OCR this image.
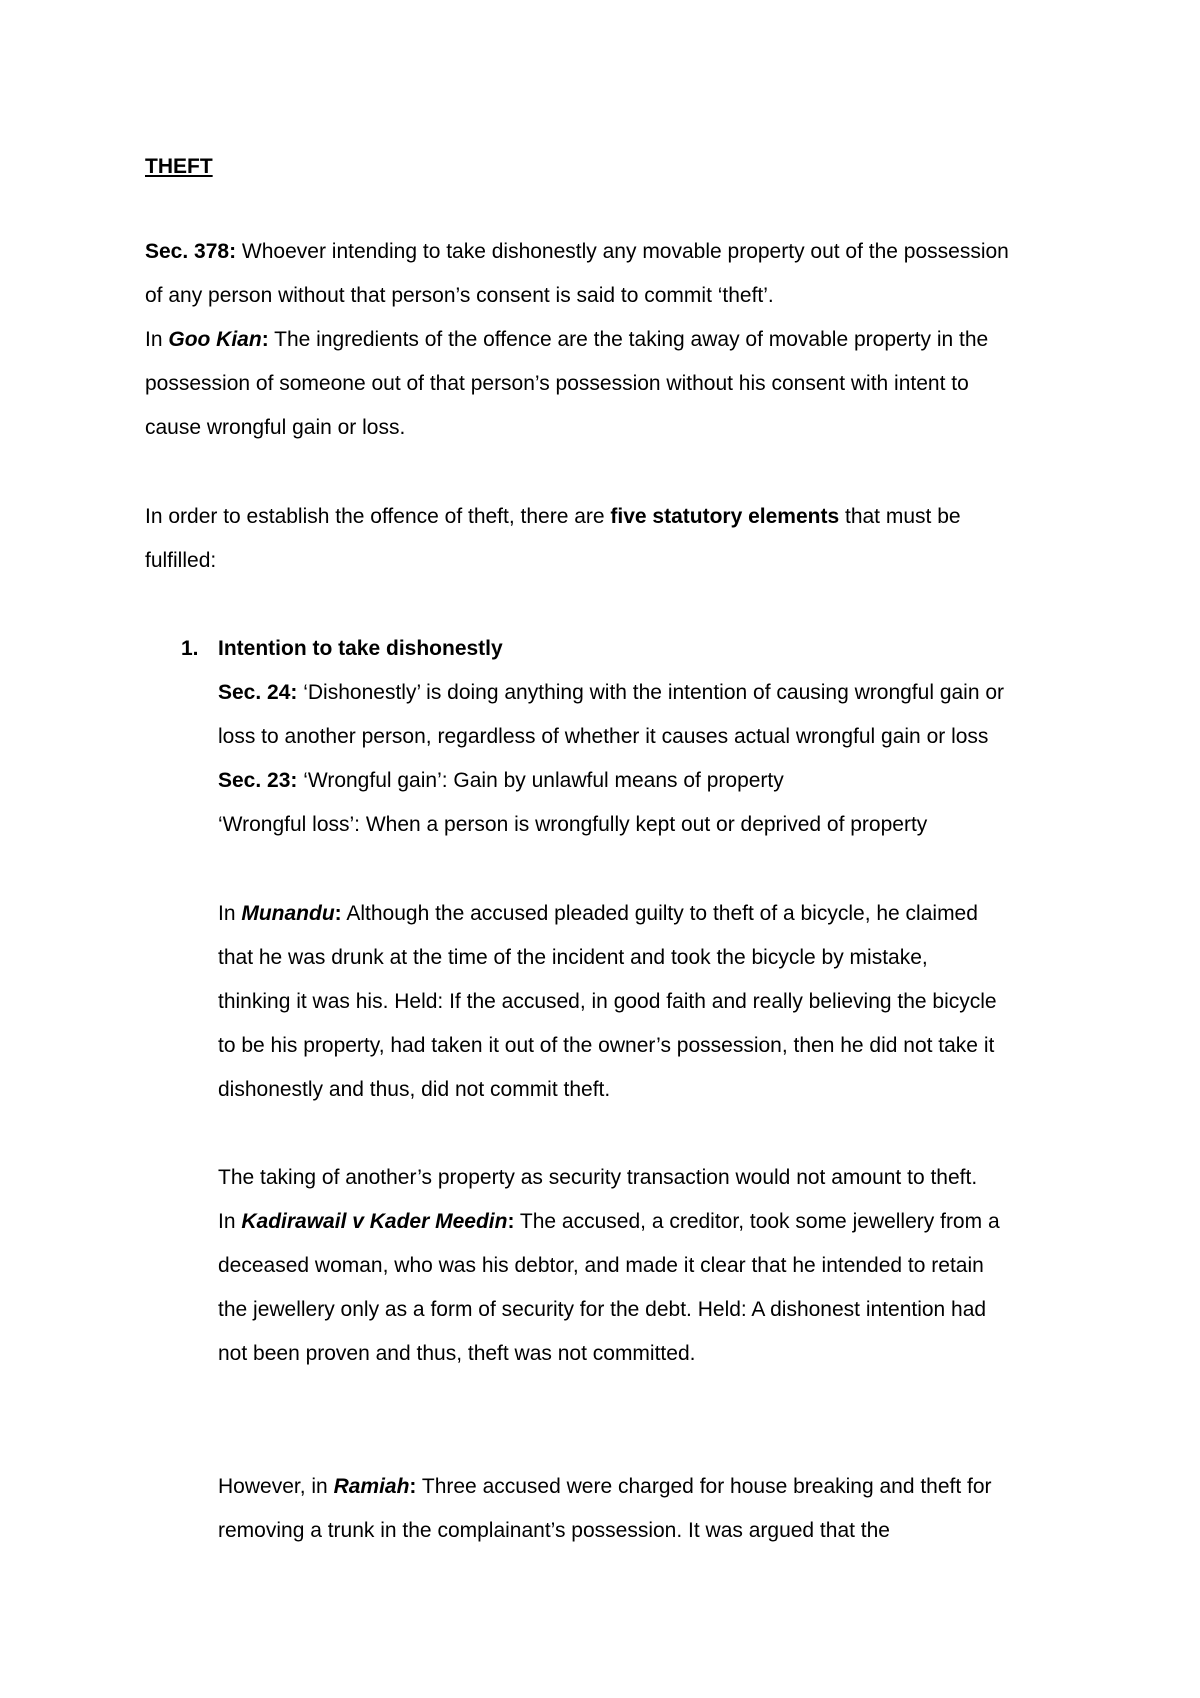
THEFT
Sec. 378: Whoever intending to take dishonestly any movable property out of the possession
of any person without that person’s consent is said to commit ‘theft’.
In Goo Kian: The ingredients of the offence are the taking away of movable property in the
possession of someone out of that person’s possession without his consent with intent to
cause wrongful gain or loss.
In order to establish the offence of theft, there are five statutory elements that must be
fulfilled:
1. Intention to take dishonestly
Sec. 24: ‘Dishonestly’ is doing anything with the intention of causing wrongful gain or
loss to another person, regardless of whether it causes actual wrongful gain or loss
Sec. 23: ‘Wrongful gain’: Gain by unlawful means of property
‘Wrongful loss’: When a person is wrongfully kept out or deprived of property
In Munandu: Although the accused pleaded guilty to theft of a bicycle, he claimed
that he was drunk at the time of the incident and took the bicycle by mistake,
thinking it was his. Held: If the accused, in good faith and really believing the bicycle
to be his property, had taken it out of the owner’s possession, then he did not take it
dishonestly and thus, did not commit theft.
The taking of another’s property as security transaction would not amount to theft.
In Kadirawail v Kader Meedin: The accused, a creditor, took some jewellery from a
deceased woman, who was his debtor, and made it clear that he intended to retain
the jewellery only as a form of security for the debt. Held: A dishonest intention had
not been proven and thus, theft was not committed.
However, in Ramiah: Three accused were charged for house breaking and theft for
removing a trunk in the complainant’s possession. It was argued that the
